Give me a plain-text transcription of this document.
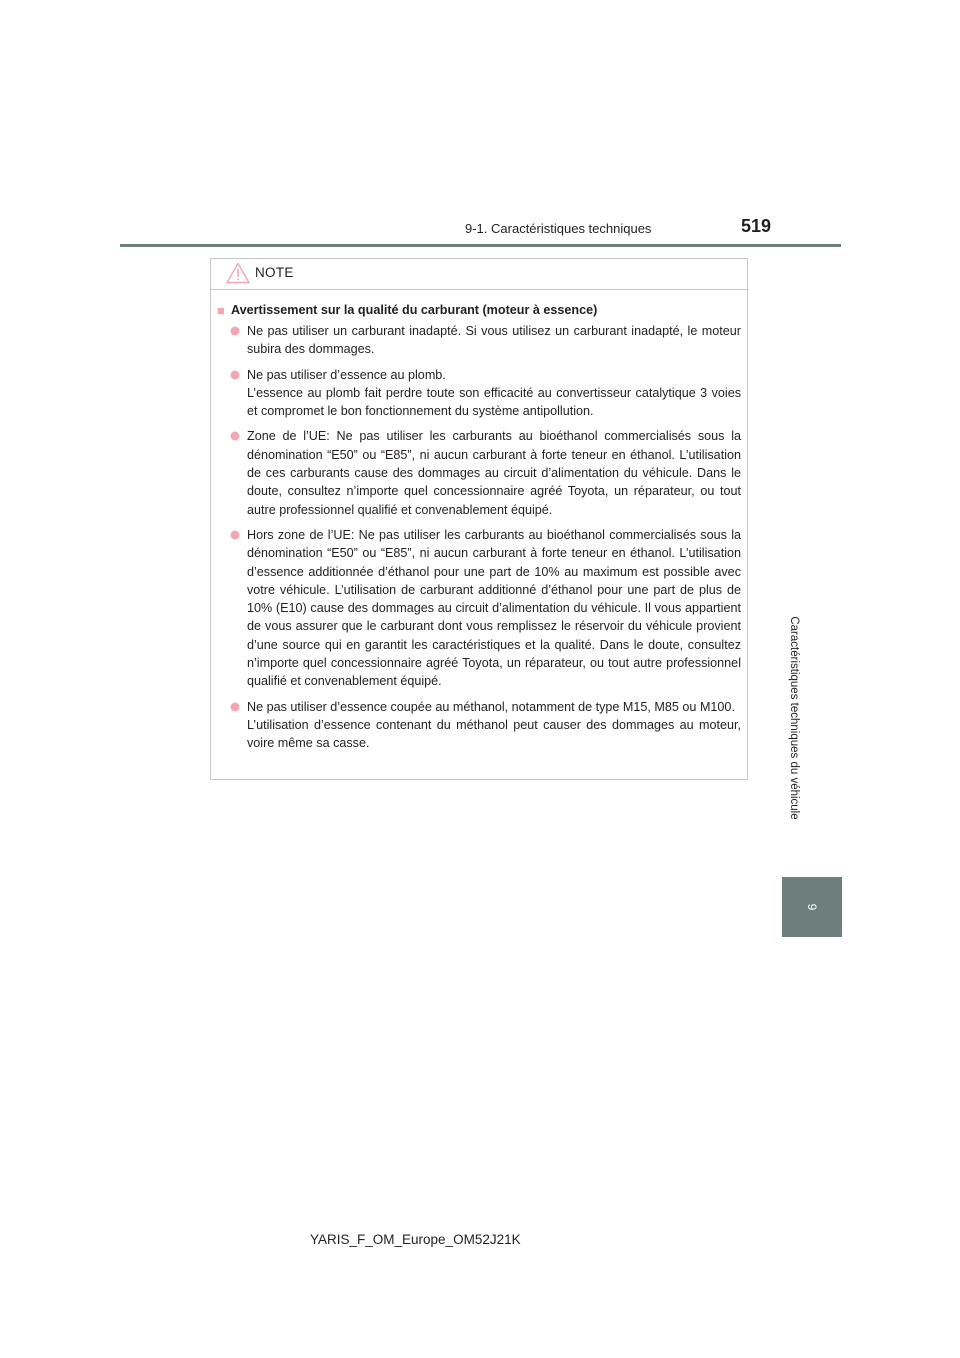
9-1. Caractéristiques techniques	519
Caractéristiques techniques du véhicule
9
NOTE
■ Avertissement sur la qualité du carburant (moteur à essence)

Ne pas utiliser un carburant inadapté. Si vous utilisez un carburant inadapté, le moteur subira des dommages.

Ne pas utiliser d’essence au plomb.

L’essence au plomb fait perdre toute son efficacité au convertisseur catalytique 3 voies et compromet le bon fonctionnement du système antipollution.

Zone de l’UE: Ne pas utiliser les carburants au bioéthanol commercialisés sous la dénomination “E50” ou “E85”, ni aucun carburant à forte teneur en éthanol. L’utilisation de ces carburants cause des dommages au circuit d’alimentation du véhicule. Dans le doute, consultez n’importe quel concessionnaire agréé Toyota, un réparateur, ou tout autre professionnel qualifié et convenablement équipé.

Hors zone de l’UE: Ne pas utiliser les carburants au bioéthanol commercialisés sous la dénomination “E50” ou “E85”, ni aucun carburant à forte teneur en éthanol. L’utilisation d’essence additionnée d’éthanol pour une part de 10% au maximum est possible avec votre véhicule. L’utilisation de carburant additionné d’éthanol pour une part de plus de 10% (E10) cause des dommages au circuit d’alimentation du véhicule. Il vous appartient de vous assurer que le carburant dont vous remplissez le réservoir du véhicule provient d’une source qui en garantit les caractéristiques et la qualité. Dans le doute, consultez n’importe quel concessionnaire agréé Toyota, un réparateur, ou tout autre professionnel qualifié et convenablement équipé.

Ne pas utiliser d’essence coupée au méthanol, notamment de type M15, M85 ou M100.

L’utilisation d’essence contenant du méthanol peut causer des dommages au moteur, voire même sa casse.

YARIS_F_OM_Europe_OM52J21K
